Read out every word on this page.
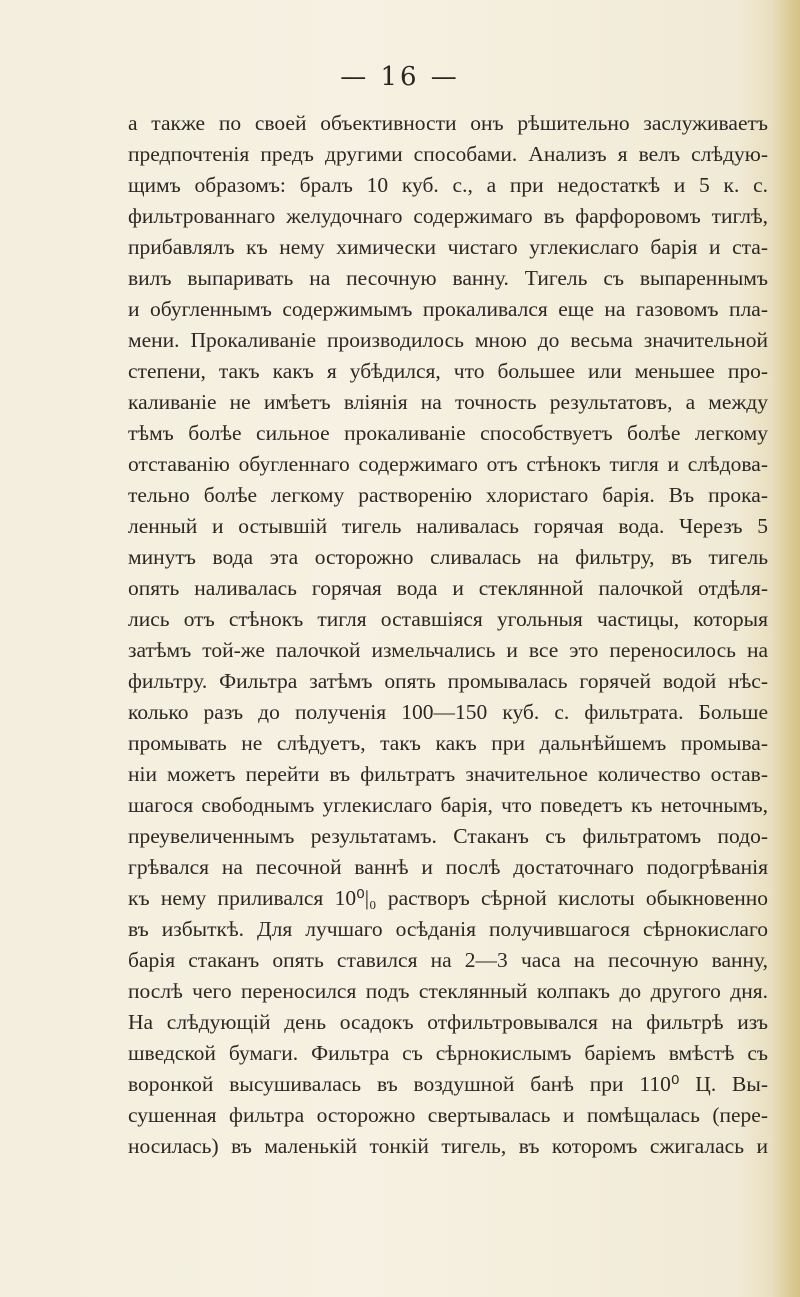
— 16 —
а также по своей объективности онъ рѣшительно заслуживаетъ
предпочтенія предъ другими способами. Анализъ я велъ слѣдую-
щимъ образомъ: бралъ 10 куб. с., а при недостаткѣ и 5 к. с.
фильтрованнаго желудочнаго содержимаго въ фарфоровомъ тиглѣ,
прибавлялъ къ нему химически чистаго углекислаго барія и ста-
вилъ выпаривать на песочную ванну. Тигель съ выпареннымъ
и обугленнымъ содержимымъ прокаливался еще на газовомъ пла-
мени. Прокаливаніе производилось мною до весьма значительной
степени, такъ какъ я убѣдился, что большее или меньшее про-
каливаніе не имѣетъ вліянія на точность результатовъ, а между
тѣмъ болѣе сильное прокаливаніе способствуетъ болѣе легкому
отставанію обугленнаго содержимаго отъ стѣнокъ тигля и слѣдова-
тельно болѣе легкому растворенію хлористаго барія. Въ прока-
ленный и остывшій тигель наливалась горячая вода. Черезъ 5
минутъ вода эта осторожно сливалась на фильтру, въ тигель
опять наливалась горячая вода и стеклянной палочкой отдѣля-
лись отъ стѣнокъ тигля оставшіяся угольныя частицы, которыя
затѣмъ той-же палочкой измельчались и все это переносилось на
фильтру. Фильтра затѣмъ опять промывалась горячей водой нѣс-
колько разъ до полученія 100—150 куб. с. фильтрата. Больше
промывать не слѣдуетъ, такъ какъ при дальнѣйшемъ промыва-
ніи можетъ перейти въ фильтратъ значительное количество остав-
шагося свободнымъ углекислаго барія, что поведетъ къ неточнымъ,
преувеличеннымъ результатамъ. Стаканъ съ фильтратомъ подо-
грѣвался на песочной ваннѣ и послѣ достаточнаго подогрѣванія
къ нему приливался 10⁰|₀ растворъ сѣрной кислоты обыкновенно
въ избыткѣ. Для лучшаго осѣданія получившагося сѣрнокислаго
барія стаканъ опять ставился на 2—3 часа на песочную ванну,
послѣ чего переносился подъ стеклянный колпакъ до другого дня.
На слѣдующій день осадокъ отфильтровывался на фильтрѣ изъ
шведской бумаги. Фильтра съ сѣрнокислымъ баріемъ вмѣстѣ съ
воронкой высушивалась въ воздушной банѣ при 110⁰ Ц. Вы-
сушенная фильтра осторожно свертывалась и помѣщалась (пере-
носилась) въ маленькій тонкій тигель, въ которомъ сжигалась и
